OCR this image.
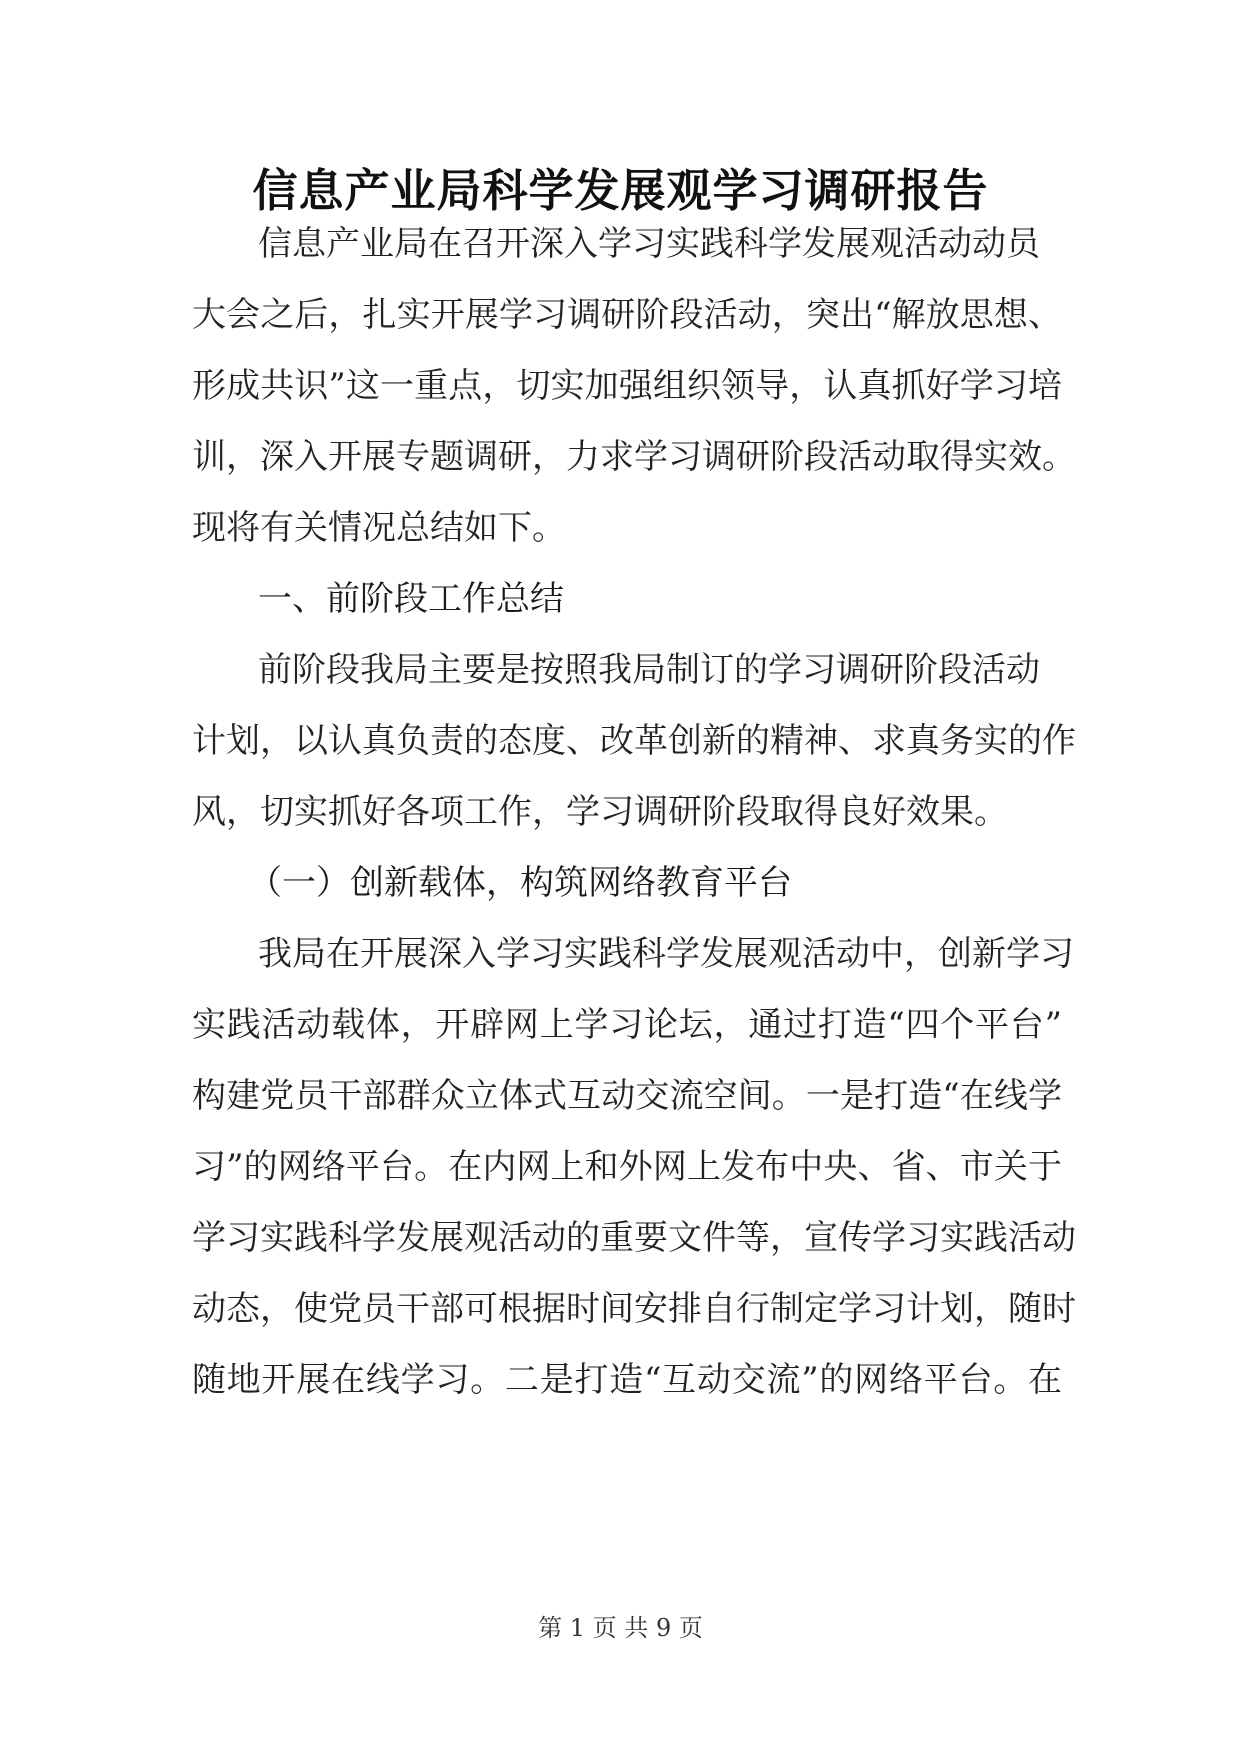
信息产业局科学发展观学习调研报告
信息产业局在召开深入学习实践科学发展观活动动员
大会之后，扎实开展学习调研阶段活动，突出“解放思想、
形成共识”这一重点，切实加强组织领导，认真抓好学习培
训，深入开展专题调研，力求学习调研阶段活动取得实效。
现将有关情况总结如下。
一、前阶段工作总结
前阶段我局主要是按照我局制订的学习调研阶段活动
计划，以认真负责的态度、改革创新的精神、求真务实的作
风，切实抓好各项工作，学习调研阶段取得良好效果。
（一）创新载体，构筑网络教育平台
我局在开展深入学习实践科学发展观活动中，创新学习
实践活动载体，开辟网上学习论坛，通过打造“四个平台”
构建党员干部群众立体式互动交流空间。一是打造“在线学
习”的网络平台。在内网上和外网上发布中央、省、市关于
学习实践科学发展观活动的重要文件等，宣传学习实践活动
动态，使党员干部可根据时间安排自行制定学习计划，随时
随地开展在线学习。二是打造“互动交流”的网络平台。在
第 1 页 共 9 页
